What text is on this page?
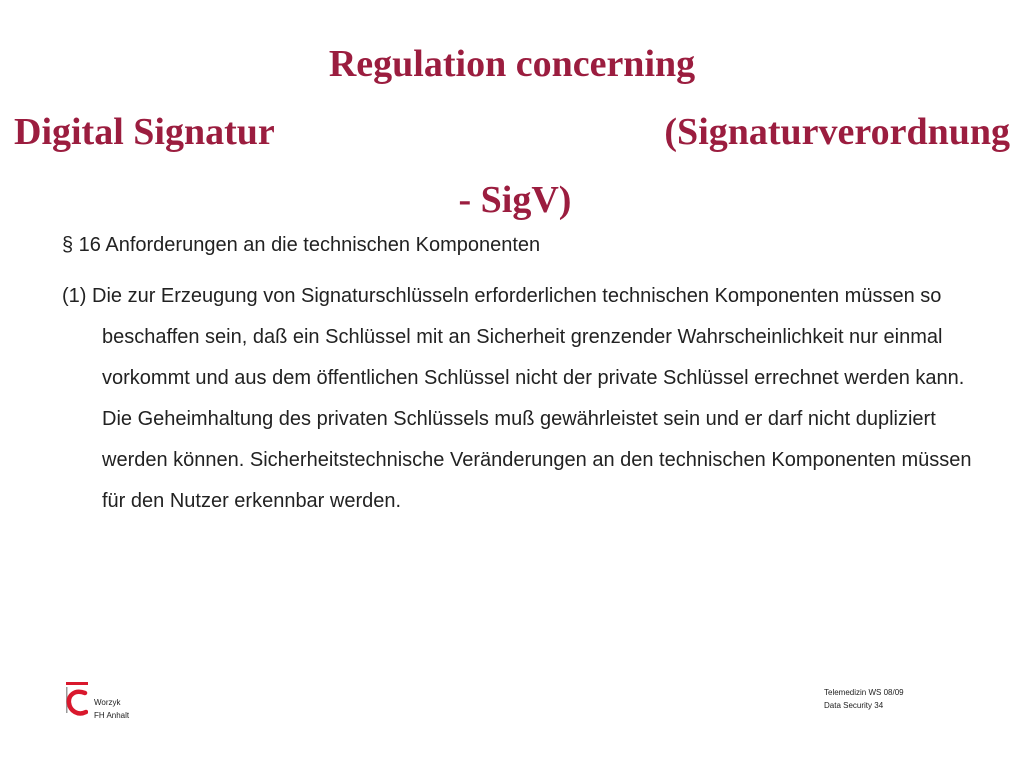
Regulation concerning
Digital Signatur	(Signaturverordnung
- SigV)

§ 16 Anforderungen an die technischen Komponenten

(1) Die zur Erzeugung von Signaturschlüsseln erforderlichen technischen Komponenten müssen so beschaffen sein, daß ein Schlüssel mit an Sicherheit grenzender Wahrscheinlichkeit nur einmal vorkommt und aus dem öffentlichen Schlüssel nicht der private Schlüssel errechnet werden kann. Die Geheimhaltung des privaten Schlüssels muß gewährleistet sein und er darf nicht dupliziert werden können. Sicherheitstechnische Veränderungen an den technischen Komponenten müssen für den Nutzer erkennbar werden.

Worzyk
FH Anhalt
Telemedizin WS 08/09
Data Security 34
